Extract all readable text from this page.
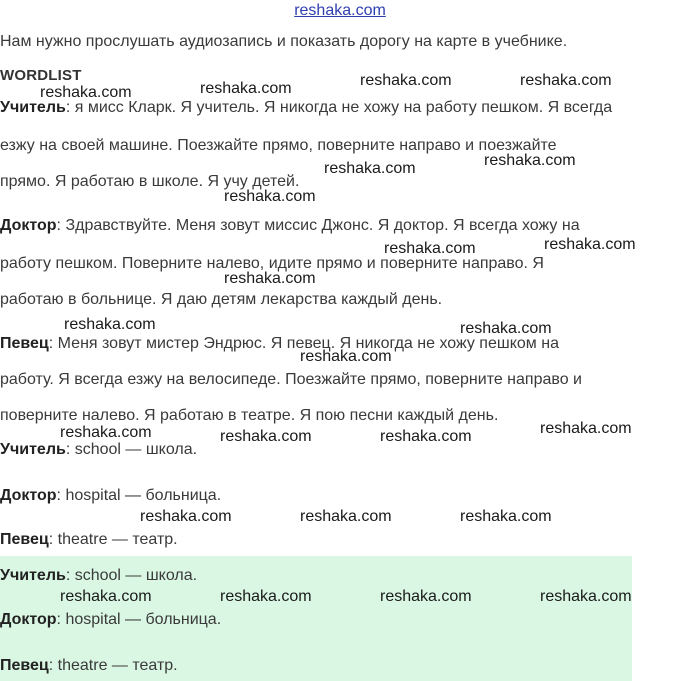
reshaka.com
Нам нужно прослушать аудиозапись и показать дорогу на карте в учебнике.
WORDLIST
Учитель: я мисс Кларк. Я учитель. Я никогда не хожу на работу пешком. Я всегда
езжу на своей машине. Поезжайте прямо, поверните направо и поезжайте
прямо. Я работаю в школе. Я учу детей.
Доктор: Здравствуйте. Меня зовут миссис Джонс. Я доктор. Я всегда хожу на
работу пешком. Поверните налево, идите прямо и поверните направо. Я
работаю в больнице. Я даю детям лекарства каждый день.
Певец: Меня зовут мистер Эндрюс. Я певец. Я никогда не хожу пешком на
работу. Я всегда езжу на велосипеде. Поезжайте прямо, поверните направо и
поверните налево. Я работаю в театре. Я пою песни каждый день.
Учитель: school — школа.
Доктор: hospital — больница.
Певец: theatre — театр.
Учитель: school — школа.
Доктор: hospital — больница.
Певец: theatre — театр.
reshaka.com	reshaka.com	reshaka.com	reshaka.com
reshaka.com	reshaka.com
reshaka.com
reshaka.com	reshaka.com
reshaka.com
reshaka.com	reshaka.com
reshaka.com
reshaka.com	reshaka.com	reshaka.com	reshaka.com
reshaka.com	reshaka.com	reshaka.com
reshaka.com	reshaka.com	reshaka.com	reshaka.com
